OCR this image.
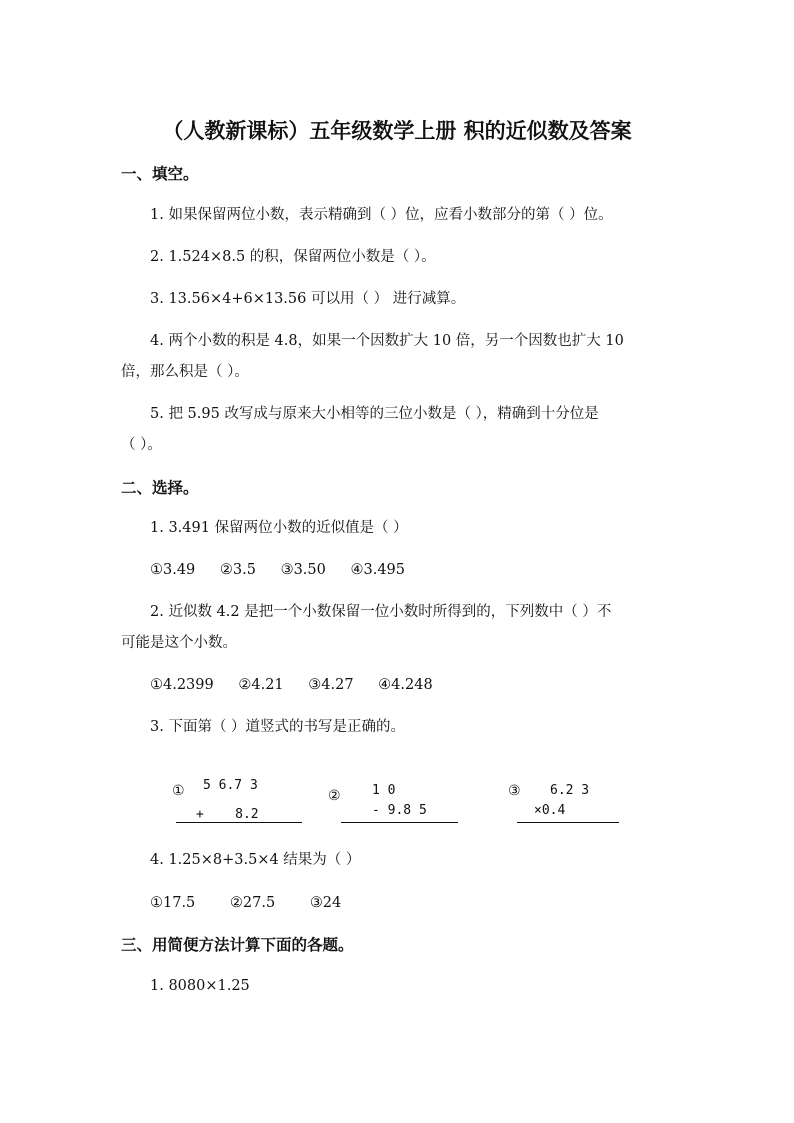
（人教新课标）五年级数学上册 积的近似数及答案
一、填空。
1. 如果保留两位小数，表示精确到（ ）位，应看小数部分的第（ ）位。
2. 1.524×8.5 的积，保留两位小数是（ ）。
3. 13.56×4+6×13.56 可以用（ ） 进行减算。
4. 两个小数的积是 4.8，如果一个因数扩大 10 倍，另一个因数也扩大 10
倍，那么积是（ ）。
5. 把 5.95 改写成与原来大小相等的三位小数是（ ），精确到十分位是
（ ）。
二、选择。
1. 3.491 保留两位小数的近似值是（ ）
①3.49 ②3.5 ③3.50 ④3.495
2. 近似数 4.2 是把一个小数保留一位小数时所得到的，下列数中（ ）不
可能是这个小数。
①4.2399 ②4.21 ③4.27 ④4.248
3. 下面第（ ）道竖式的书写是正确的。
① 5 6.7 3
+    8.2
② 1 0
- 9.8 5
③ 6.2 3
×0.4
4. 1.25×8+3.5×4 结果为（ ）
①17.5 ②27.5 ③24
三、用简便方法计算下面的各题。
1. 8080×1.25
